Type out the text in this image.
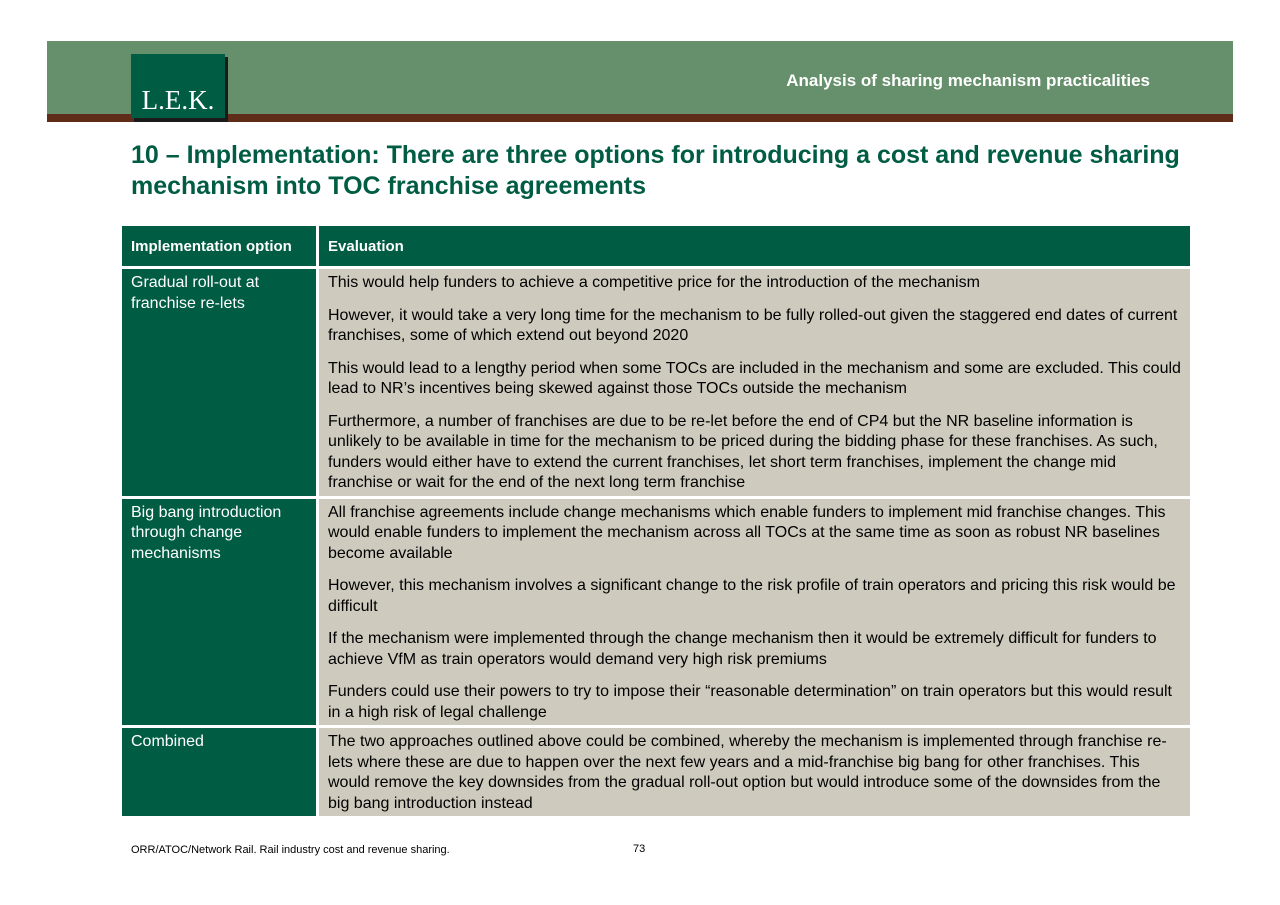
L.E.K.
Analysis of sharing mechanism practicalities
10 – Implementation: There are three options for introducing a cost and revenue sharing mechanism into TOC franchise agreements
Implementation option	Evaluation
Gradual roll-out at franchise re-lets	This would help funders to achieve a competitive price for the introduction of the mechanism

However, it would take a very long time for the mechanism to be fully rolled-out given the staggered end dates of current franchises, some of which extend out beyond 2020

This would lead to a lengthy period when some TOCs are included in the mechanism and some are excluded. This could lead to NR’s incentives being skewed against those TOCs outside the mechanism

Furthermore, a number of franchises are due to be re-let before the end of CP4 but the NR baseline information is unlikely to be available in time for the mechanism to be priced during the bidding phase for these franchises. As such, funders would either have to extend the current franchises, let short term franchises, implement the change mid franchise or wait for the end of the next long term franchise

Big bang introduction through change mechanisms	All franchise agreements include change mechanisms which enable funders to implement mid franchise changes. This would enable funders to implement the mechanism across all TOCs at the same time as soon as robust NR baselines become available

However, this mechanism involves a significant change to the risk profile of train operators and pricing this risk would be difficult

If the mechanism were implemented through the change mechanism then it would be extremely difficult for funders to achieve VfM as train operators would demand very high risk premiums

Funders could use their powers to try to impose their “reasonable determination” on train operators but this would result in a high risk of legal challenge

Combined	The two approaches outlined above could be combined, whereby the mechanism is implemented through franchise re-lets where these are due to happen over the next few years and a mid-franchise big bang for other franchises. This would remove the key downsides from the gradual roll-out option but would introduce some of the downsides from the big bang introduction instead

ORR/ATOC/Network Rail. Rail industry cost and revenue sharing.	73
